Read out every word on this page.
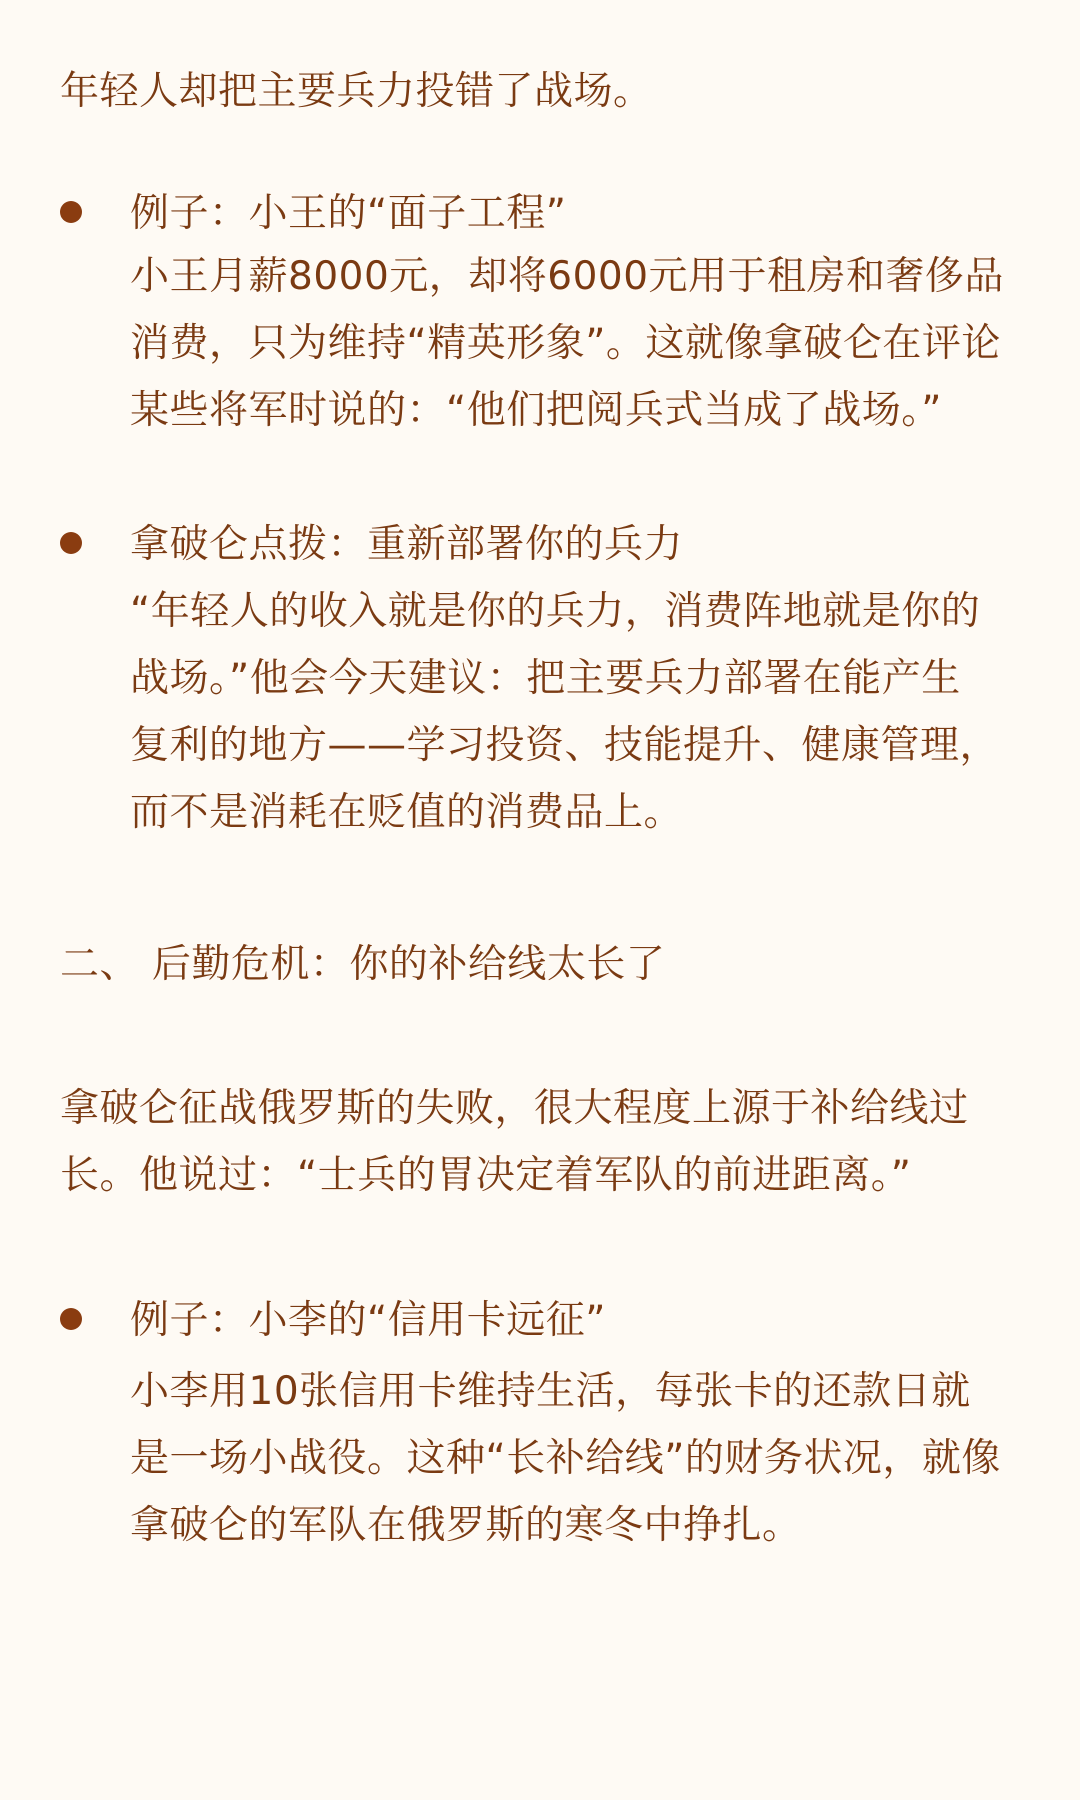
年轻人却把主要兵力投错了战场。
例子：小王的“面子工程”
小王月薪8000元，却将6000元用于租房和奢侈品
消费，只为维持“精英形象”。这就像拿破仑在评论
某些将军时说的：“他们把阅兵式当成了战场。”
拿破仑点拨：重新部署你的兵力
“年轻人的收入就是你的兵力，消费阵地就是你的
战场。”他会今天建议：把主要兵力部署在能产生
复利的地方——学习投资、技能提升、健康管理，
而不是消耗在贬值的消费品上。
二、 后勤危机：你的补给线太长了
拿破仑征战俄罗斯的失败，很大程度上源于补给线过
长。他说过：“士兵的胃决定着军队的前进距离。”
例子：小李的“信用卡远征”
小李用10张信用卡维持生活，每张卡的还款日就
是一场小战役。这种“长补给线”的财务状况，就像
拿破仑的军队在俄罗斯的寒冬中挣扎。
